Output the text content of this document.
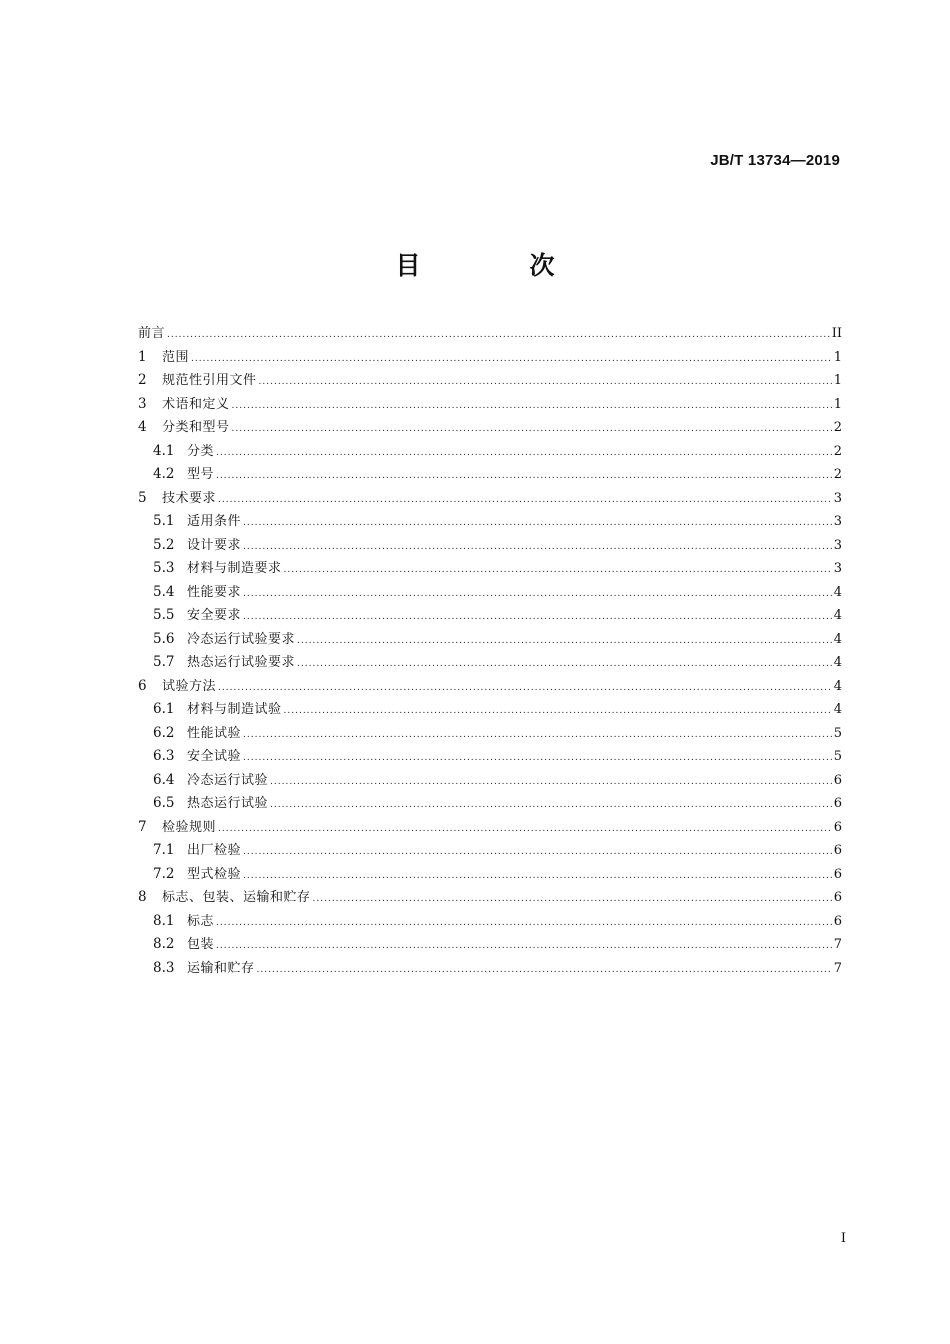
JB/T 13734—2019
目　次
前言 .....	II
1	范围 .....	1
2	规范性引用文件 .....	1
3	术语和定义 .....	1
4	分类和型号 .....	2
4.1 分类 .....	2
4.2 型号 .....	2
5	技术要求 .....	3
5.1 适用条件 .....	3
5.2 设计要求 .....	3
5.3 材料与制造要求 .....	3
5.4 性能要求 .....	4
5.5 安全要求 .....	4
5.6 冷态运行试验要求 .....	4
5.7 热态运行试验要求 .....	4
6	试验方法 .....	4
6.1 材料与制造试验 .....	4
6.2 性能试验 .....	5
6.3 安全试验 .....	5
6.4 冷态运行试验 .....	6
6.5 热态运行试验 .....	6
7	检验规则 .....	6
7.1 出厂检验 .....	6
7.2 型式检验 .....	6
8	标志、包装、运输和贮存 .....	6
8.1 标志 .....	6
8.2 包装 .....	7
8.3 运输和贮存 .....	7
I
